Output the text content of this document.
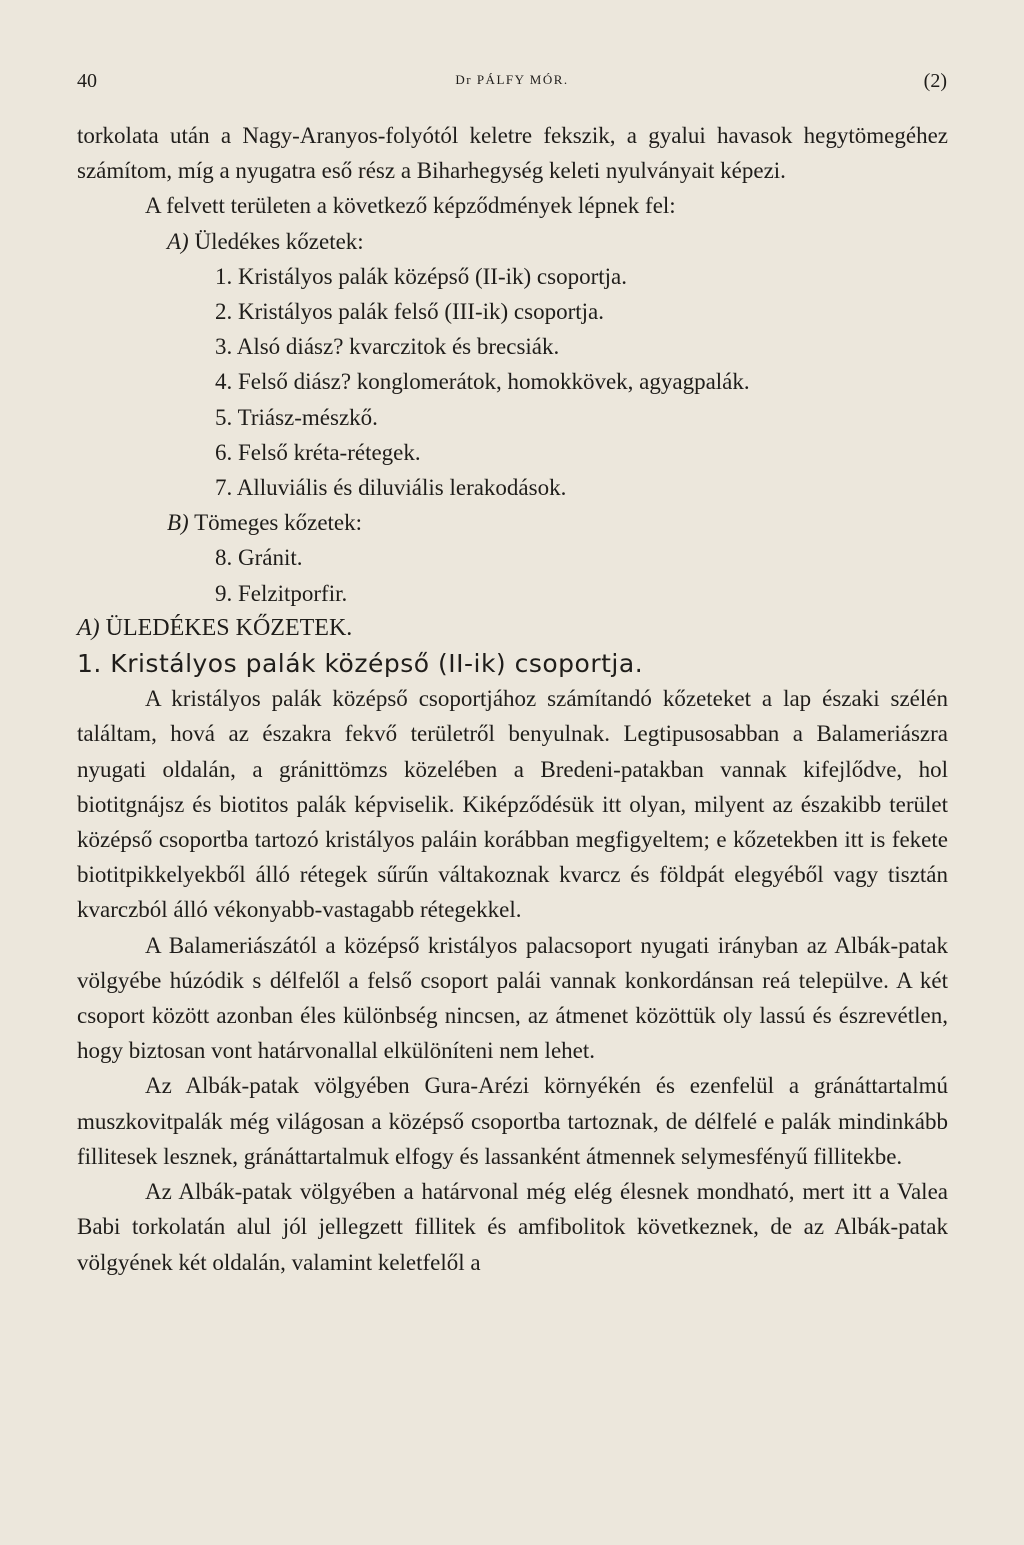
40	Dr PÁLFY MÓR.	(2)

torkolata után a Nagy-Aranyos-folyótól keletre fekszik, a gyalui havasok hegytömegéhez számítom, míg a nyugatra eső rész a Biharhegység keleti nyulványait képezi.

A felvett területen a következő képződmények lépnek fel:

A) Üledékes kőzetek:

1. Kristályos palák középső (II-ik) csoportja.

2. Kristályos palák felső (III-ik) csoportja.

3. Alsó diász? kvarczitok és brecsiák.

4. Felső diász? konglomerátok, homokkövek, agyagpalák.

5. Triász-mészkő.

6. Felső kréta-rétegek.

7. Alluviális és diluviális lerakodások.

B) Tömeges kőzetek:

8. Gránit.

9. Felzitporfir.

A) ÜLEDÉKES KŐZETEK.

1. Kristályos palák középső (II-ik) csoportja.

A kristályos palák középső csoportjához számítandó kőzeteket a lap északi szélén találtam, hová az északra fekvő területről benyulnak. Legtipusosabban a Balameriászra nyugati oldalán, a gránittömzs közelében a Bredeni-patakban vannak kifejlődve, hol biotitgnájsz és biotitos palák képviselik. Kiképződésük itt olyan, milyent az északibb terület középső csoportba tartozó kristályos paláin korábban megfigyeltem; e kőzetekben itt is fekete biotitpikkelyekből álló rétegek sűrűn váltakoznak kvarcz és földpát elegyéből vagy tisztán kvarczból álló vékonyabb-vastagabb rétegekkel.

A Balameriászától a középső kristályos palacsoport nyugati irányban az Albák-patak völgyébe húzódik s délfelől a felső csoport palái vannak konkordánsan reá települve. A két csoport között azonban éles különbség nincsen, az átmenet közöttük oly lassú és észrevétlen, hogy biztosan vont határvonallal elkülöníteni nem lehet.

Az Albák-patak völgyében Gura-Arézi környékén és ezenfelül a gránáttartalmú muszkovitpalák még világosan a középső csoportba tartoznak, de délfelé e palák mindinkább fillitesek lesznek, gránáttartalmuk elfogy és lassanként átmennek selymesfényű fillitekbe.

Az Albák-patak völgyében a határvonal még elég élesnek mondható, mert itt a Valea Babi torkolatán alul jól jellegzett fillitek és amfibolitok következnek, de az Albák-patak völgyének két oldalán, valamint keletfelől a
